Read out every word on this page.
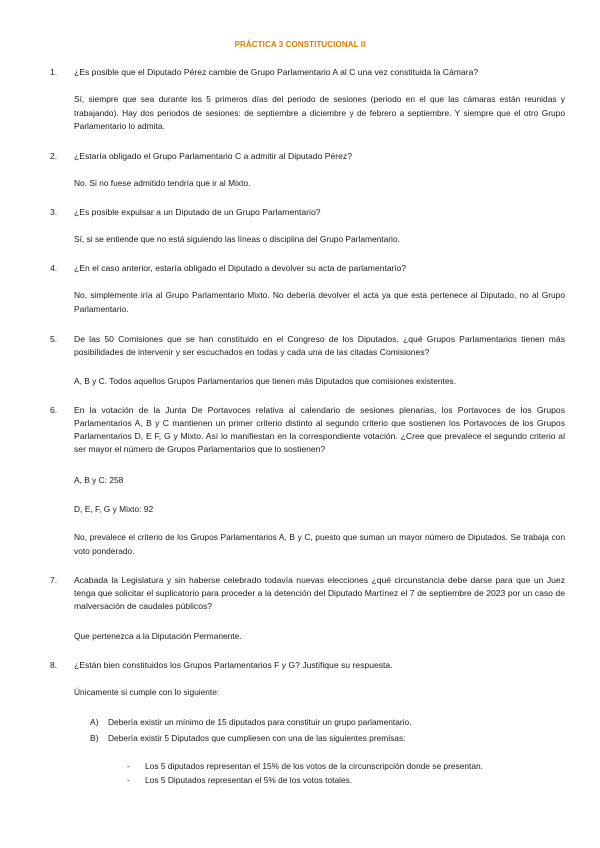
PRÁCTICA 3 CONSTITUCIONAL II
1. ¿Es posible que el Diputado Pérez cambie de Grupo Parlamentario A al C una vez constituida la Cámara?
Sí, siempre que sea durante los 5 primeros días del periodo de sesiones (periodo en el que las cámaras están reunidas y trabajando). Hay dos periodos de sesiones: de septiembre a diciembre y de febrero a septiembre. Y siempre que el otro Grupo Parlamentario lo admita.
2. ¿Estaría obligado el Grupo Parlamentario C a admitir al Diputado Pérez?
No. Si no fuese admitido tendría que ir al Mixto.
3. ¿Es posible expulsar a un Diputado de un Grupo Parlamentario?
Sí, si se entiende que no está siguiendo las líneas o disciplina del Grupo Parlamentario.
4. ¿En el caso anterior, estaría obligado el Diputado a devolver su acta de parlamentario?
No, simplemente iría al Grupo Parlamentario Mixto. No debería devolver el acta ya que esta pertenece al Diputado, no al Grupo Parlamentario.
5. De las 50 Comisiones que se han constituido en el Congreso de los Diputados, ¿qué Grupos Parlamentarios tienen más posibilidades de intervenir y ser escuchados en todas y cada una de las citadas Comisiones?
A, B y C. Todos aquellos Grupos Parlamentarios que tienen más Diputados que comisiones existentes.
6. En la votación de la Junta De Portavoces relativa al calendario de sesiones plenarias, los Portavoces de los Grupos Parlamentarios A, B y C mantienen un primer criterio distinto al segundo criterio que sostienen los Portavoces de los Grupos Parlamentarios D, E F, G y Mixto. Así lo manifiestan en la correspondiente votación. ¿Cree que prevalece el segundo criterio al ser mayor el número de Grupos Parlamentarios que lo sostienen?
A, B y C: 258
D, E, F, G y Mixto: 92
No, prevalece el criterio de los Grupos Parlamentarios A, B y C, puesto que suman un mayor número de Diputados. Se trabaja con voto ponderado.
7. Acabada la Legislatura y sin haberse celebrado todavía nuevas elecciones ¿qué circunstancia debe darse para que un Juez tenga que solicitar el suplicatorio para proceder a la detención del Diputado Martínez el 7 de septiembre de 2023 por un caso de malversación de caudales públicos?
Que pertenezca a la Diputación Permanente.
8. ¿Están bien constituidos los Grupos Parlamentarios F y G? Justifique su respuesta.
Únicamente si cumple con lo siguiente:
A) Debería existir un mínimo de 15 diputados para constituir un grupo parlamentario.
B) Debería existir 5 Diputados que cumpliesen con una de las siguientes premisas:
- Los 5 diputados representan el 15% de los votos de la circunscripción donde se presentan.
- Los 5 Diputados representan el 5% de los votos totales.
